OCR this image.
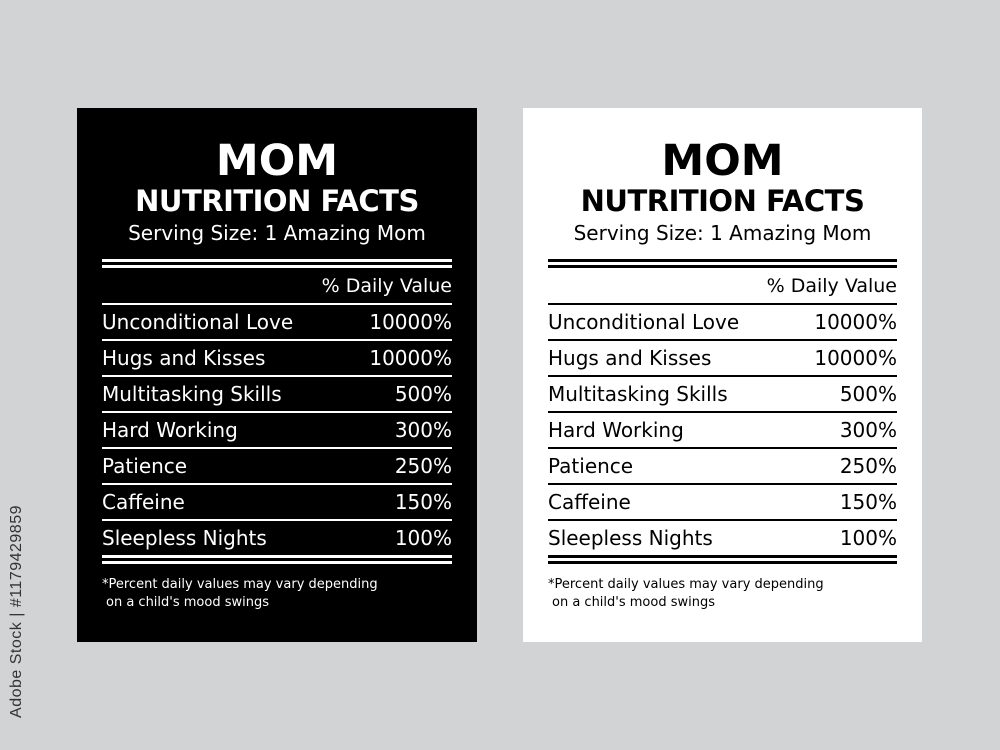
Adobe Stock | #1179429859
MOM
NUTRITION FACTS
Serving Size: 1 Amazing Mom
% Daily Value
Unconditional Love	10000%
Hugs and Kisses	10000%
Multitasking Skills	500%
Hard Working	300%
Patience	250%
Caffeine	150%
Sleepless Nights	100%
*Percent daily values may vary depending
on a child's mood swings
MOM
NUTRITION FACTS
Serving Size: 1 Amazing Mom
% Daily Value
Unconditional Love	10000%
Hugs and Kisses	10000%
Multitasking Skills	500%
Hard Working	300%
Patience	250%
Caffeine	150%
Sleepless Nights	100%
*Percent daily values may vary depending
on a child's mood swings
